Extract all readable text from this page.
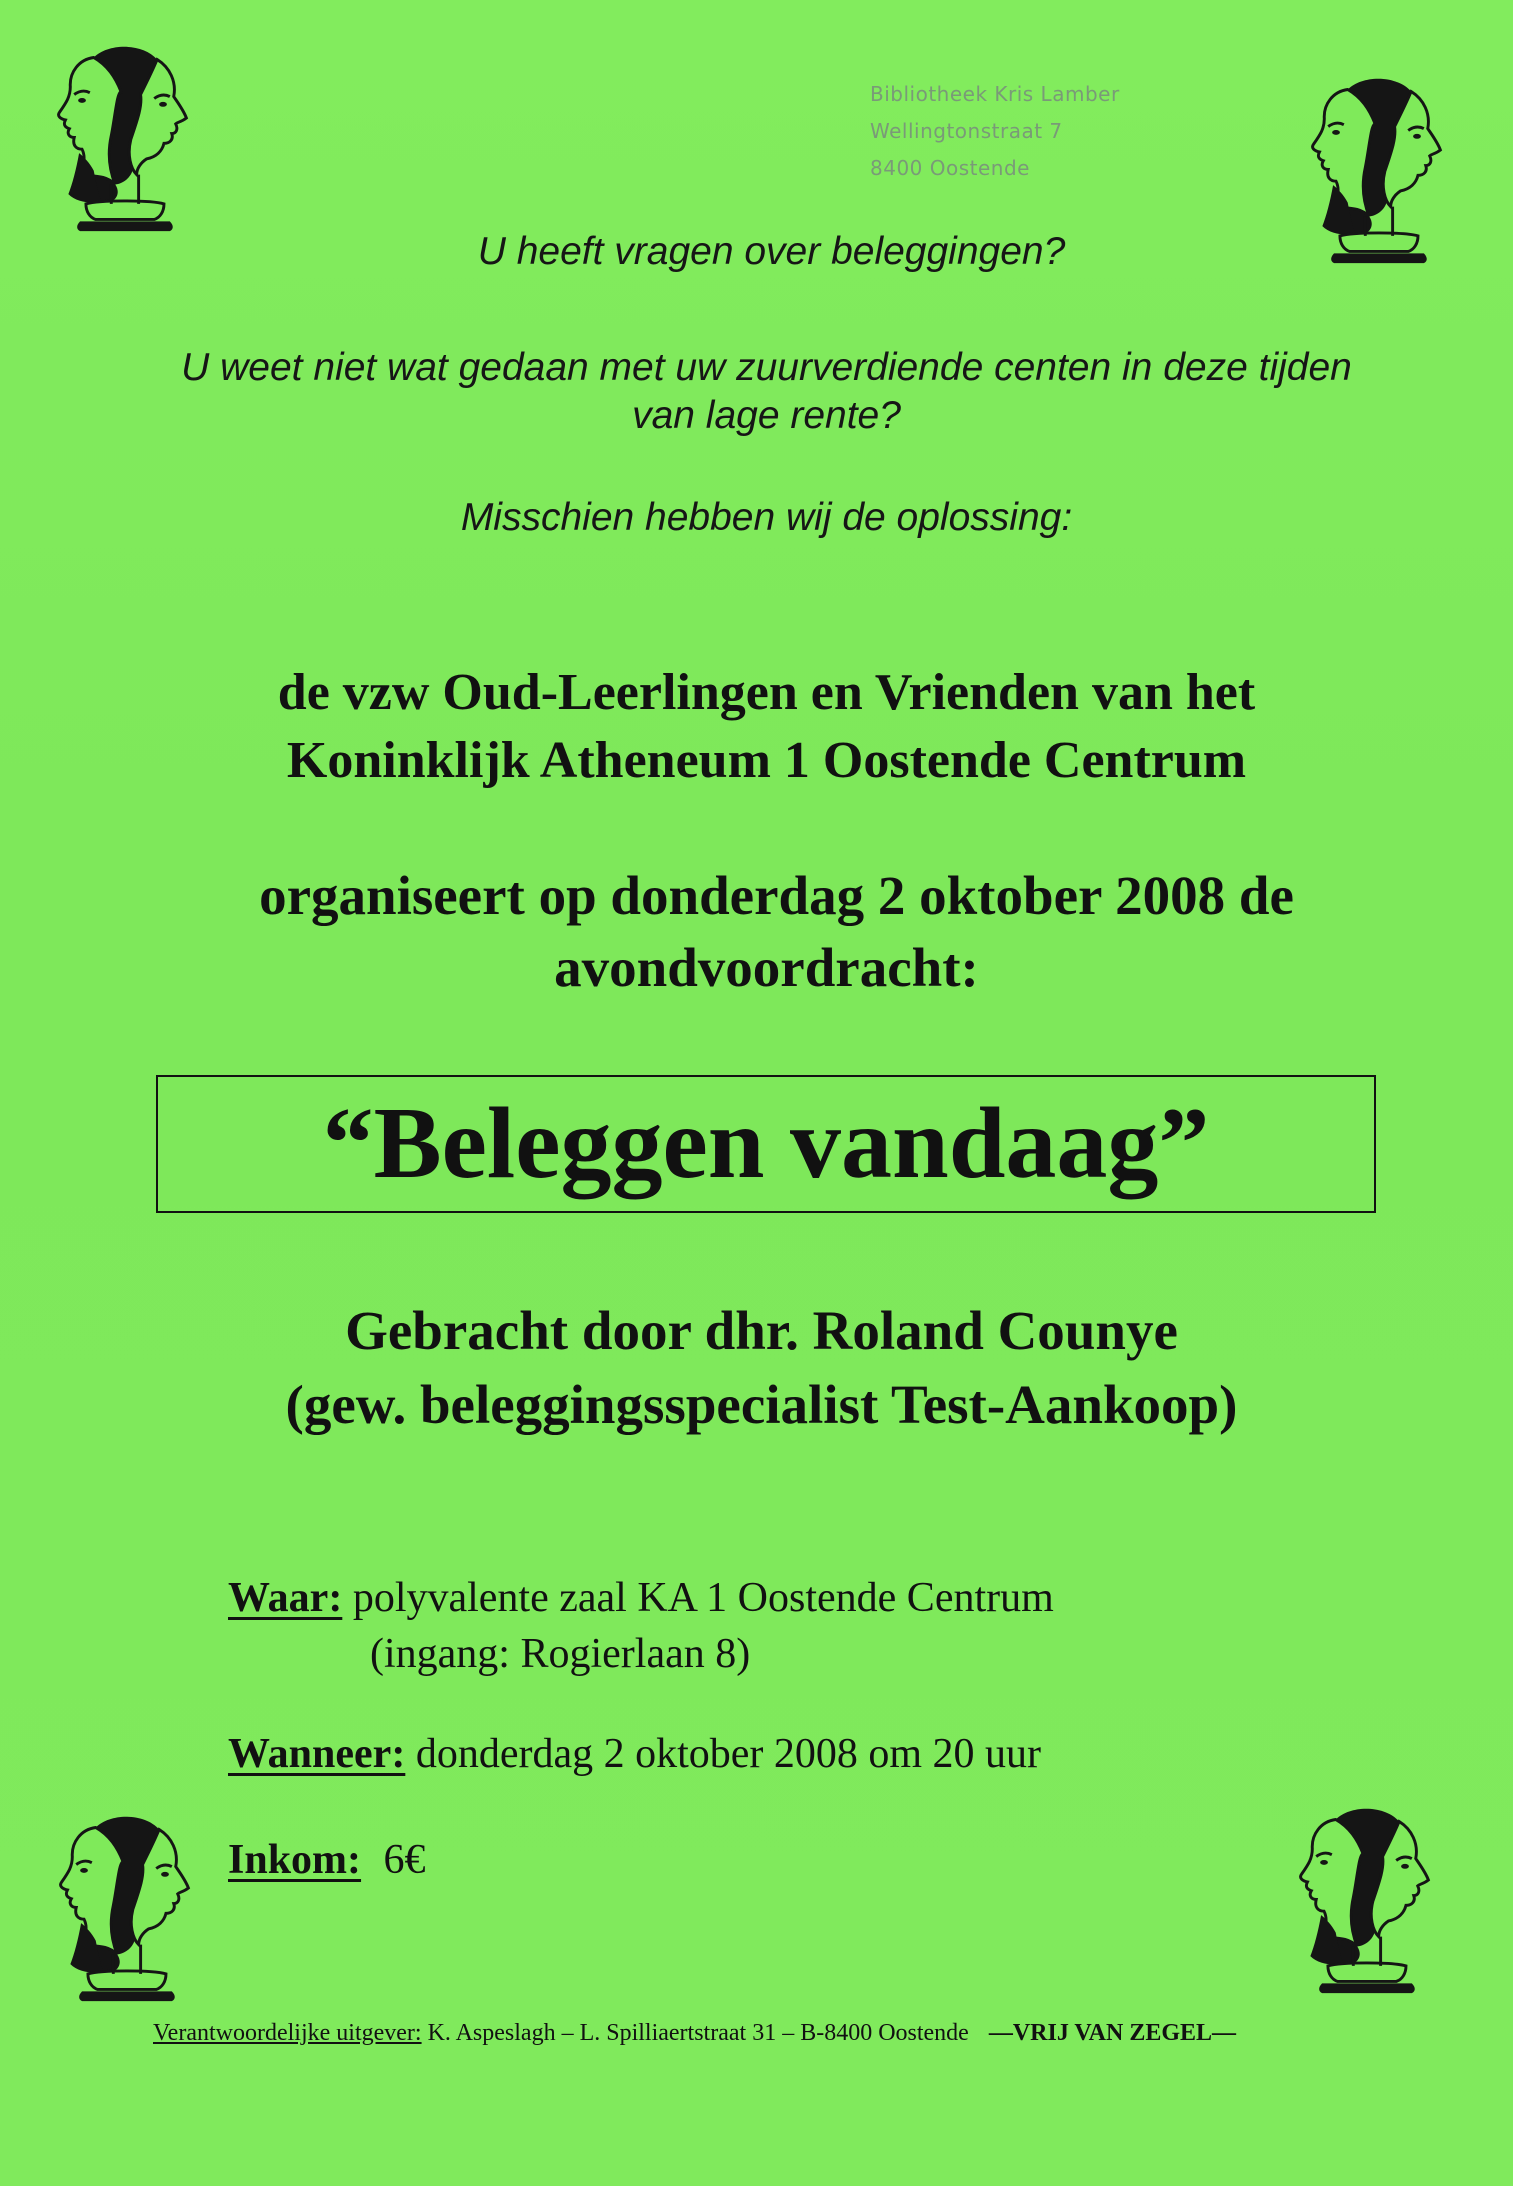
Bibliotheek Kris Lamber
Wellingtonstraat 7
8400 Oostende
U heeft vragen over beleggingen?
U weet niet wat gedaan met uw zuurverdiende centen in deze tijden
van lage rente?
Misschien hebben wij de oplossing:
de vzw Oud-Leerlingen en Vrienden van het
Koninklijk Atheneum 1 Oostende Centrum
organiseert op donderdag 2 oktober 2008 de
avondvoordracht:
“Beleggen vandaag”
Gebracht door dhr. Roland Counye
(gew. beleggingsspecialist Test-Aankoop)
Waar: polyvalente zaal KA 1 Oostende Centrum
(ingang: Rogierlaan 8)
Wanneer: donderdag 2 oktober 2008 om 20 uur
Inkom: 6€
Verantwoordelijke uitgever: K. Aspeslagh – L. Spilliaertstraat 31 – B-8400 Oostende —VRIJ VAN ZEGEL—
